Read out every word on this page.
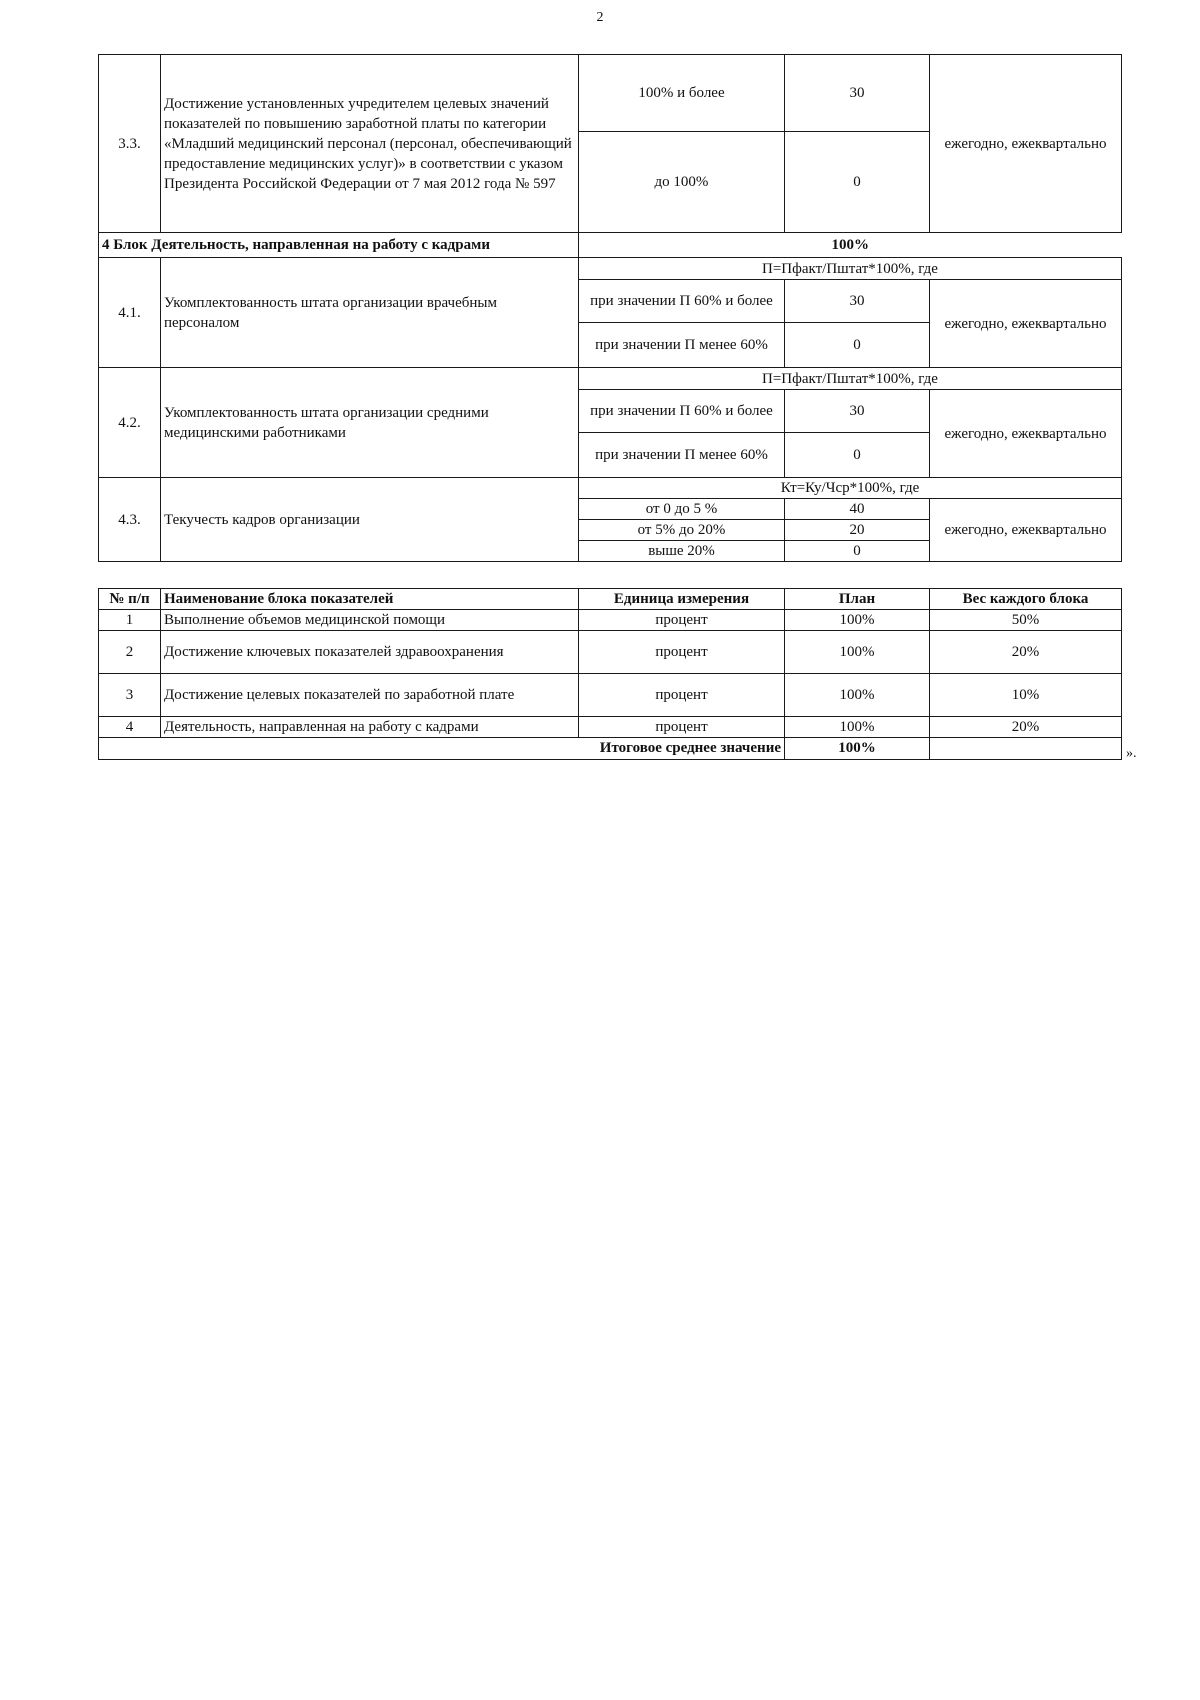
2
3.3.	Достижение установленных учредителем целевых значений показателей по повышению заработной платы по категории «Младший медицинский персонал (персонал, обеспечивающий предоставление медицинских услуг)» в соответствии с указом Президента Российской Федерации от 7 мая 2012 года № 597	100% и более	30	ежегодно, ежеквартально
		до 100%	0	
4 Блок Деятельность, направленная на работу с кадрами		100%		
4.1.	Укомплектованность штата организации врачебным персоналом	П=Пфакт/Пштат*100%, где		
		при значении П 60% и более	30	ежегодно, ежеквартально
		при значении П менее 60%	0	
4.2.	Укомплектованность штата организации средними медицинскими работниками	П=Пфакт/Пштат*100%, где		
		при значении П 60% и более	30	ежегодно, ежеквартально
		при значении П менее 60%	0	
4.3.	Текучесть кадров организации	Кт=Ку/Чср*100%, где		
		от 0 до 5 %	40	ежегодно, ежеквартально
		от 5% до 20%	20	
		выше 20%	0	
№ п/п	Наименование блока показателей	Единица измерения	План	Вес каждого блока
1	Выполнение объемов медицинской помощи	процент	100%	50%
2	Достижение ключевых показателей здравоохранения	процент	100%	20%
3	Достижение целевых показателей по заработной плате	процент	100%	10%
4	Деятельность, направленная на работу с кадрами	процент	100%	20%
Итоговое среднее значение			100%		».
